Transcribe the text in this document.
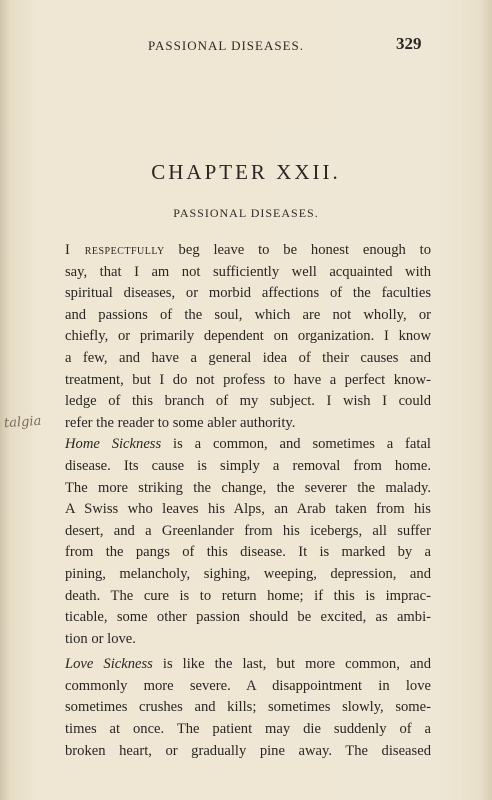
PASSIONAL DISEASES.	329
CHAPTER XXII.
PASSIONAL DISEASES.
talgia

I respectfully beg leave to be honest enough to
say, that I am not sufficiently well acquainted with
spiritual diseases, or morbid affections of the faculties
and passions of the soul, which are not wholly, or
chiefly, or primarily dependent on organization. I know
a few, and have a general idea of their causes and
treatment, but I do not profess to have a perfect know-
ledge of this branch of my subject. I wish I could
refer the reader to some abler authority.

Home Sickness is a common, and sometimes a fatal
disease. Its cause is simply a removal from home.
The more striking the change, the severer the malady.
A Swiss who leaves his Alps, an Arab taken from his
desert, and a Greenlander from his icebergs, all suffer
from the pangs of this disease. It is marked by a
pining, melancholy, sighing, weeping, depression, and
death. The cure is to return home; if this is imprac-
ticable, some other passion should be excited, as ambi-
tion or love.

Love Sickness is like the last, but more common, and
commonly more severe. A disappointment in love
sometimes crushes and kills; sometimes slowly, some-
times at once. The patient may die suddenly of a
broken heart, or gradually pine away. The diseased
